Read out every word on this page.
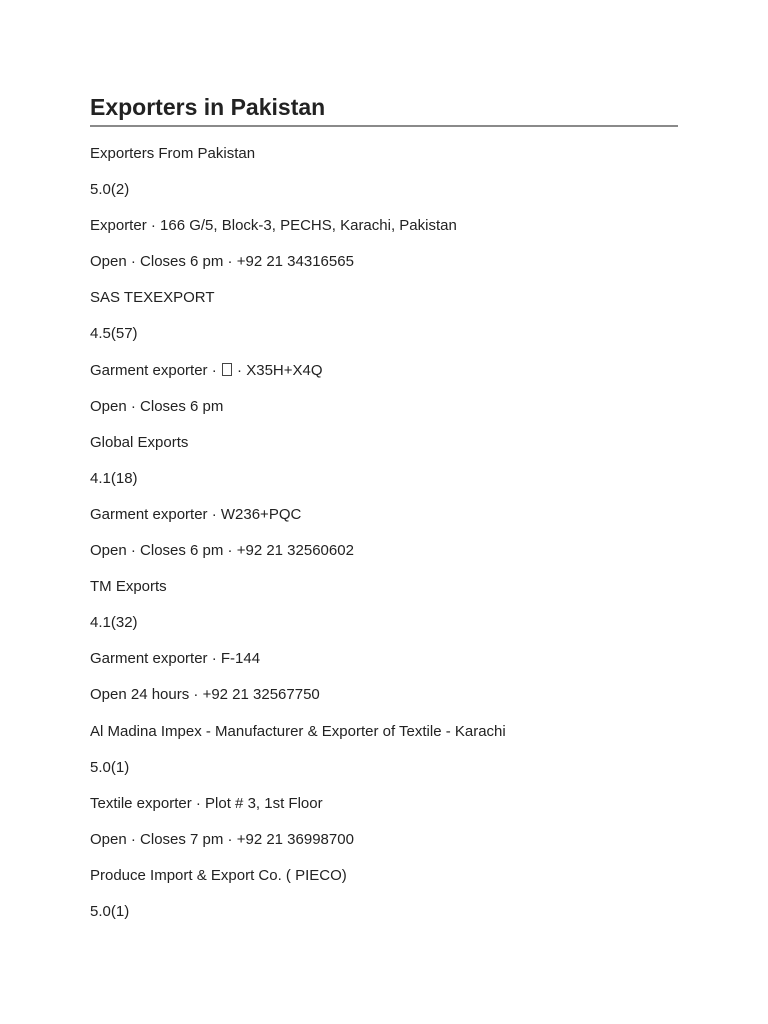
Exporters in Pakistan
Exporters From Pakistan
5.0(2)
Exporter · 166 G/5, Block-3, PECHS, Karachi, Pakistan
Open · Closes 6 pm · +92 21 34316565
SAS TEXEXPORT
4.5(57)
Garment exporter ·  · X35H+X4Q
Open · Closes 6 pm
Global Exports
4.1(18)
Garment exporter · W236+PQC
Open · Closes 6 pm · +92 21 32560602
TM Exports
4.1(32)
Garment exporter · F-144
Open 24 hours · +92 21 32567750
Al Madina Impex - Manufacturer & Exporter of Textile - Karachi
5.0(1)
Textile exporter · Plot # 3, 1st Floor
Open · Closes 7 pm · +92 21 36998700
Produce Import & Export Co. ( PIECO)
5.0(1)
